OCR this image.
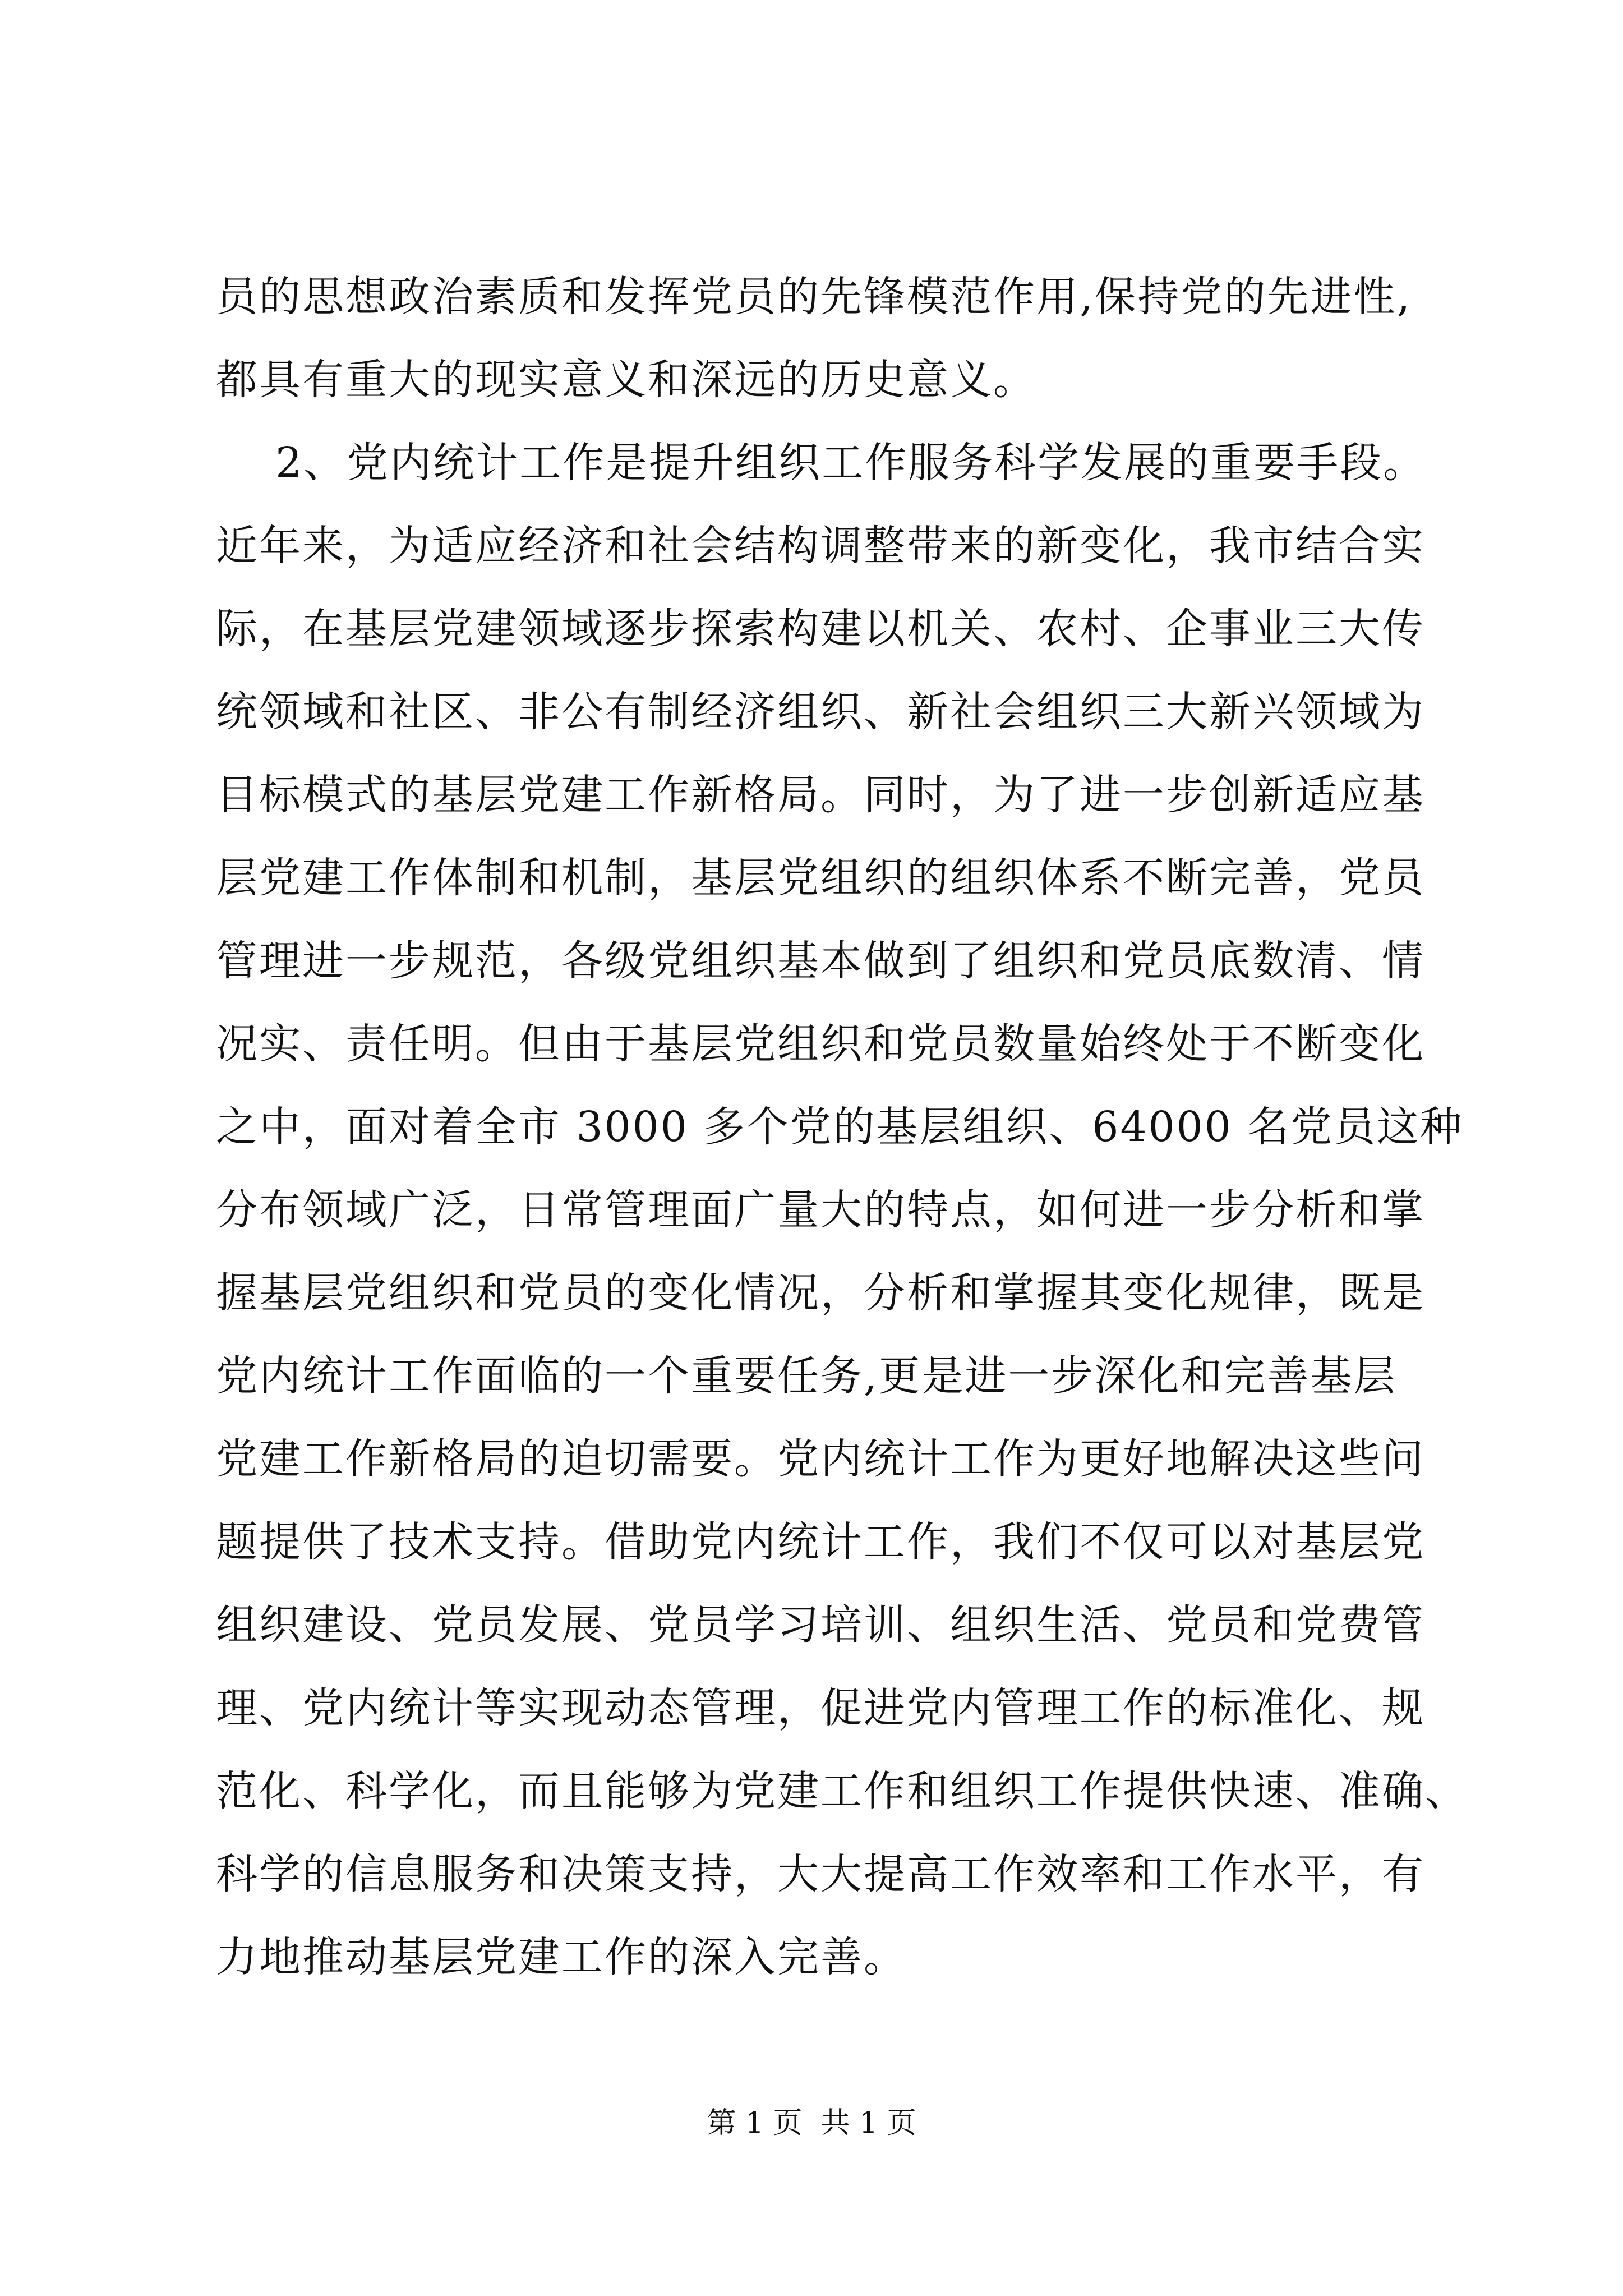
员的思想政治素质和发挥党员的先锋模范作用,保持党的先进性,
都具有重大的现实意义和深远的历史意义。
2、党内统计工作是提升组织工作服务科学发展的重要手段。
近年来，为适应经济和社会结构调整带来的新变化，我市结合实
际，在基层党建领域逐步探索构建以机关、农村、企事业三大传
统领域和社区、非公有制经济组织、新社会组织三大新兴领域为
目标模式的基层党建工作新格局。同时，为了进一步创新适应基
层党建工作体制和机制，基层党组织的组织体系不断完善，党员
管理进一步规范，各级党组织基本做到了组织和党员底数清、情
况实、责任明。但由于基层党组织和党员数量始终处于不断变化
之中，面对着全市 3000 多个党的基层组织、64000 名党员这种
分布领域广泛，日常管理面广量大的特点，如何进一步分析和掌
握基层党组织和党员的变化情况，分析和掌握其变化规律，既是
党内统计工作面临的一个重要任务,更是进一步深化和完善基层
党建工作新格局的迫切需要。党内统计工作为更好地解决这些问
题提供了技术支持。借助党内统计工作，我们不仅可以对基层党
组织建设、党员发展、党员学习培训、组织生活、党员和党费管
理、党内统计等实现动态管理，促进党内管理工作的标准化、规
范化、科学化，而且能够为党建工作和组织工作提供快速、准确、
科学的信息服务和决策支持，大大提高工作效率和工作水平，有
力地推动基层党建工作的深入完善。
第 1 页  共 1 页
